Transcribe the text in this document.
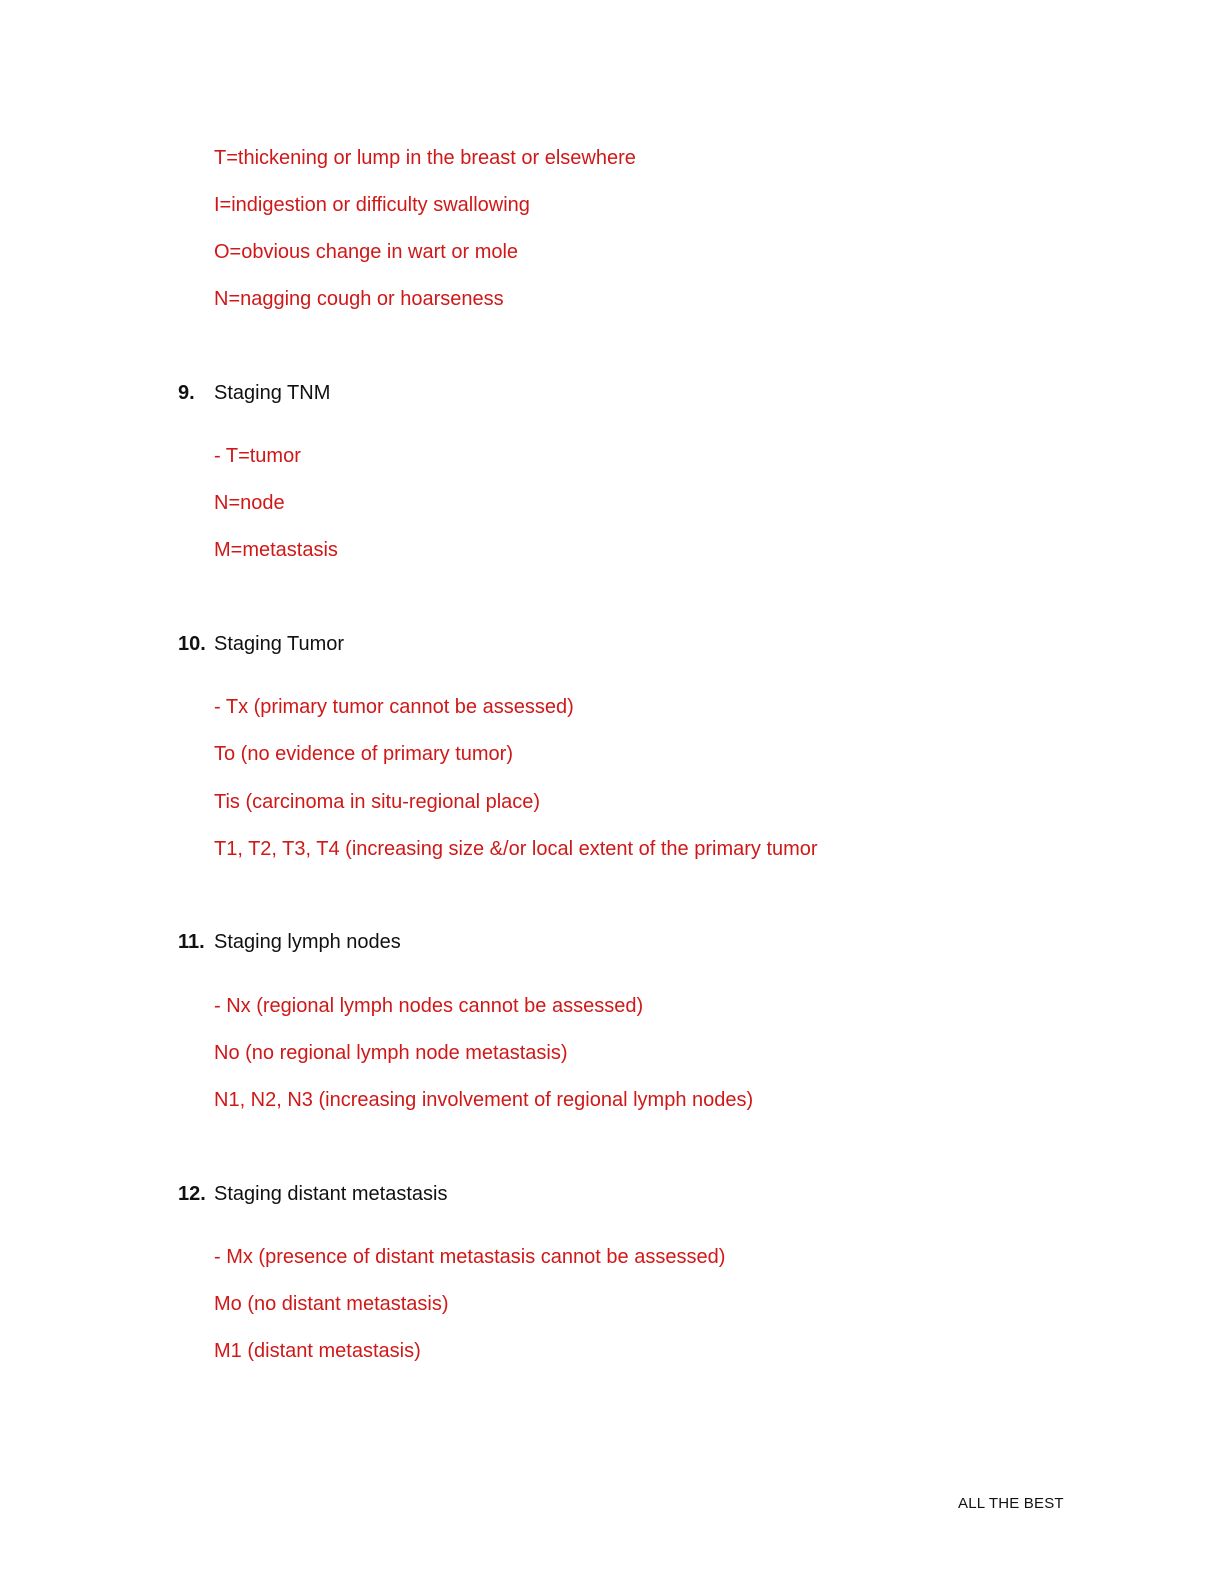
T=thickening or lump in the breast or elsewhere
I=indigestion or difficulty swallowing
O=obvious change in wart or mole
N=nagging cough or hoarseness
9. Staging TNM
- T=tumor
N=node
M=metastasis
10. Staging Tumor
- Tx (primary tumor cannot be assessed)
To (no evidence of primary tumor)
Tis (carcinoma in situ-regional place)
T1, T2, T3, T4 (increasing size &/or local extent of the primary tumor
11. Staging lymph nodes
- Nx (regional lymph nodes cannot be assessed)
No (no regional lymph node metastasis)
N1, N2, N3 (increasing involvement of regional lymph nodes)
12. Staging distant metastasis
- Mx (presence of distant metastasis cannot be assessed)
Mo (no distant metastasis)
M1 (distant metastasis)
ALL THE BEST
